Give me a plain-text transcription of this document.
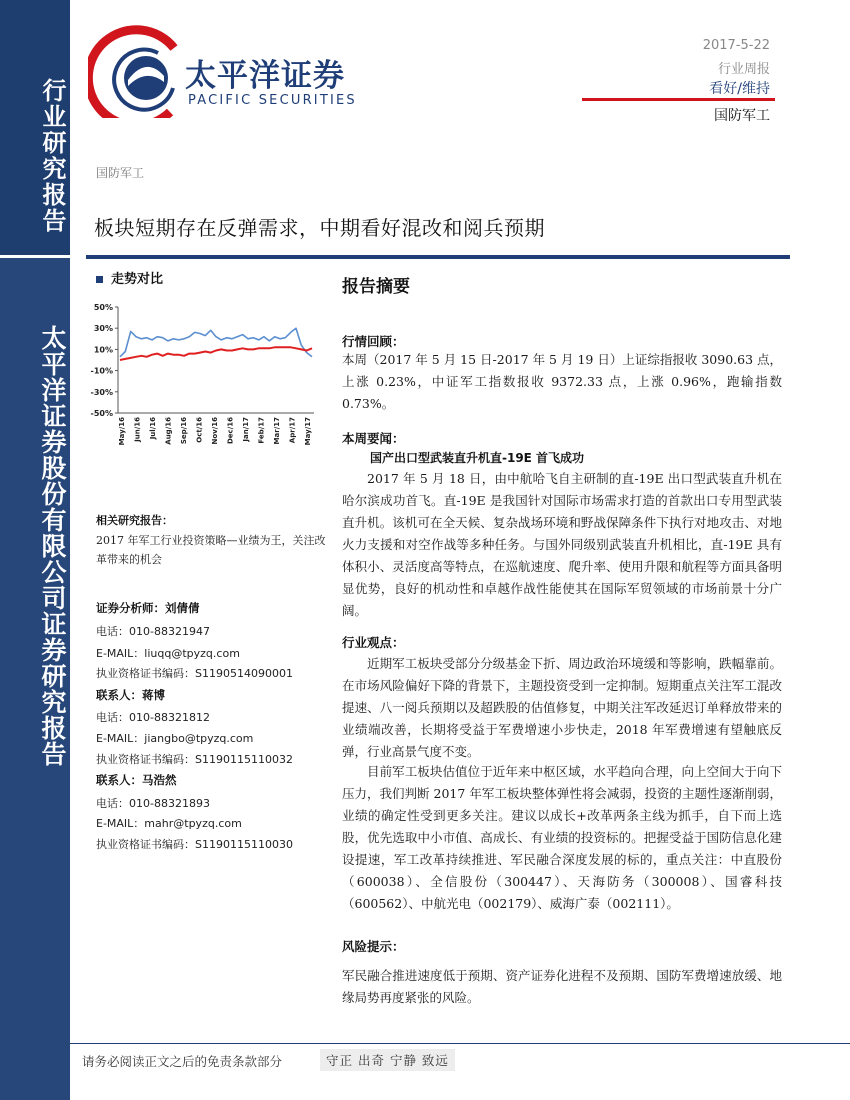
行业研究报告
太平洋证券股份有限公司证券研究报告
太平洋证券
PACIFIC SECURITIES
2017-5-22
行业周报
看好/维持
国防军工
国防军工
板块短期存在反弹需求，中期看好混改和阅兵预期
走势对比
50%
30%
10%
-10%
-30%
-50%
May/16 Jun/16 Jul/16 Aug/16 Sep/16 Oct/16 Nov/16 Dec/16 Jan/17 Feb/17 Mar/17 Apr/17 May/17
相关研究报告：
2017 年军工行业投资策略—业绩为王，关注改革带来的机会
证券分析师：刘倩倩
电话：010-88321947
E-MAIL：liuqq@tpyzq.com
执业资格证书编码：S1190514090001
联系人：蒋博
电话：010-88321812
E-MAIL：jiangbo@tpyzq.com
执业资格证书编码：S1190115110032
联系人：马浩然
电话：010-88321893
E-MAIL：mahr@tpyzq.com
执业资格证书编码：S1190115110030
报告摘要
行情回顾：
本周（2017 年 5 月 15 日-2017 年 5 月 19 日）上证综指报收 3090.63 点，上涨 0.23%，中证军工指数报收 9372.33 点，上涨 0.96%，跑输指数 0.73%。
本周要闻：
国产出口型武装直升机直-19E 首飞成功
2017 年 5 月 18 日，由中航哈飞自主研制的直-19E 出口型武装直升机在哈尔滨成功首飞。直-19E 是我国针对国际市场需求打造的首款出口专用型武装直升机。该机可在全天候、复杂战场环境和野战保障条件下执行对地攻击、对地火力支援和对空作战等多种任务。与国外同级别武装直升机相比，直-19E 具有体积小、灵活度高等特点，在巡航速度、爬升率、使用升限和航程等方面具备明显优势，良好的机动性和卓越作战性能使其在国际军贸领域的市场前景十分广阔。
行业观点：
近期军工板块受部分分级基金下折、周边政治环境缓和等影响，跌幅靠前。在市场风险偏好下降的背景下，主题投资受到一定抑制。短期重点关注军工混改提速、八一阅兵预期以及超跌股的估值修复，中期关注军改延迟订单释放带来的业绩端改善，长期将受益于军费增速小步快走，2018 年军费增速有望触底反弹，行业高景气度不变。
目前军工板块估值位于近年来中枢区域，水平趋向合理，向上空间大于向下压力，我们判断 2017 年军工板块整体弹性将会减弱，投资的主题性逐渐削弱，业绩的确定性受到更多关注。建议以成长+改革两条主线为抓手，自下而上选股，优先选取中小市值、高成长、有业绩的投资标的。把握受益于国防信息化建设提速，军工改革持续推进、军民融合深度发展的标的，重点关注：中直股份（600038）、全信股份（300447）、天海防务（300008）、国睿科技（600562）、中航光电（002179）、威海广泰（002111）。
风险提示：
军民融合推进速度低于预期、资产证券化进程不及预期、国防军费增速放缓、地缘局势再度紧张的风险。
请务必阅读正文之后的免责条款部分	守正 出奇 宁静 致远
